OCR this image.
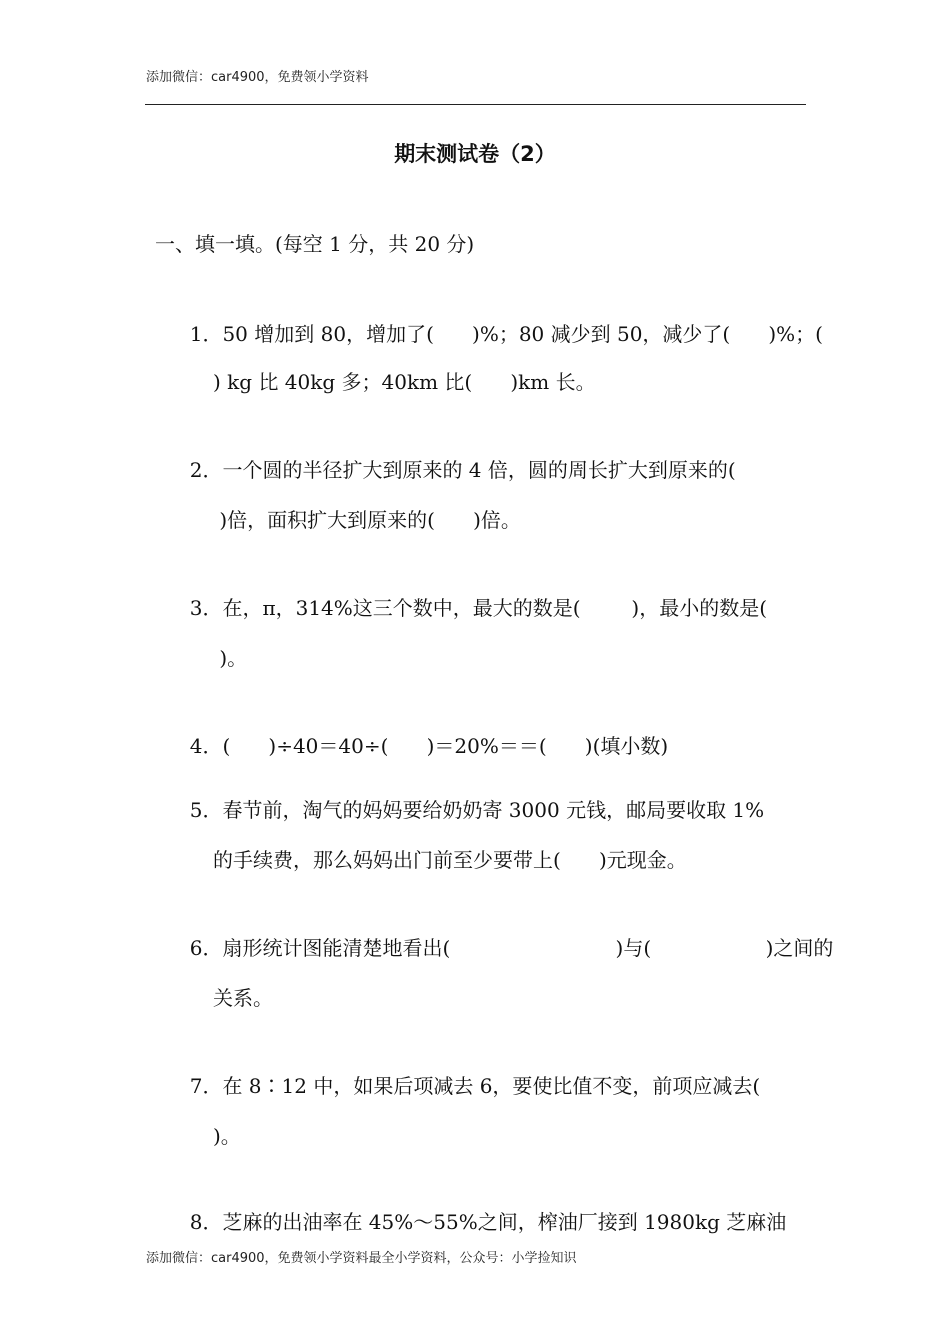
添加微信：car4900，免费领小学资料
期末测试卷（2）
一、填一填。(每空 1 分，共 20 分)

1．50 增加到 80，增加了(      )%；80 减少到 50，减少了(      )%；(

) kg 比 40kg 多；40km 比(      )km 长。

2．一个圆的半径扩大到原来的 4 倍，圆的周长扩大到原来的(

)倍，面积扩大到原来的(      )倍。

3．在，π，314%这三个数中，最大的数是(        )，最小的数是(

)。

4．(      )÷40＝40÷(      )＝20%＝＝(      )(填小数)

5．春节前，淘气的妈妈要给奶奶寄 3000 元钱，邮局要收取 1%

的手续费，那么妈妈出门前至少要带上(      )元现金。

6．扇形统计图能清楚地看出(                          )与(                  )之间的

关系。

7．在 8∶12 中，如果后项减去 6，要使比值不变，前项应减去(

)。

8．芝麻的出油率在 45%～55%之间，榨油厂接到 1980kg 芝麻油

添加微信：car4900，免费领小学资料最全小学资料，公众号：小学捡知识
